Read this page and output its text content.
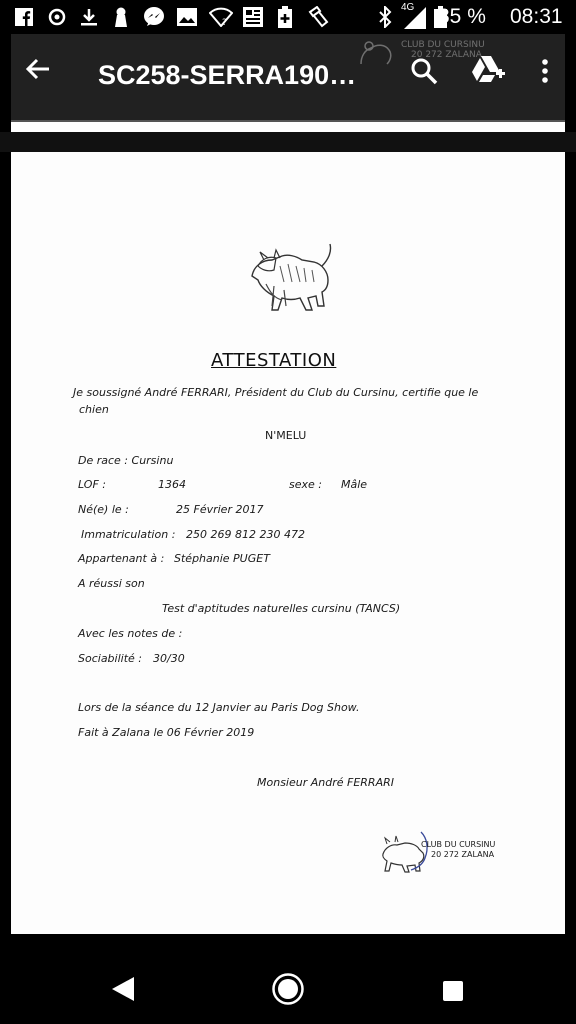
?
4G 85 % 08:31
CLUB DU CURSINU
20 272 ZALANA
SC258-SERRA190…
ATTESTATION
Je soussigné André FERRARI, Président du Club du Cursinu, certifie que le
chien
N'MELU
De race : Cursinu
LOF :	1364	sexe : Mâle
Né(e) le :	25 Février 2017
Immatriculation : 250 269 812 230 472
Appartenant à : Stéphanie PUGET
A réussi son
Test d'aptitudes naturelles cursinu (TANCS)
Avec les notes de :
Sociabilité : 30/30
Lors de la séance du 12 Janvier au Paris Dog Show.
Fait à Zalana le 06 Février 2019
Monsieur André FERRARI
CLUB DU CURSINU
20 272 ZALANA
